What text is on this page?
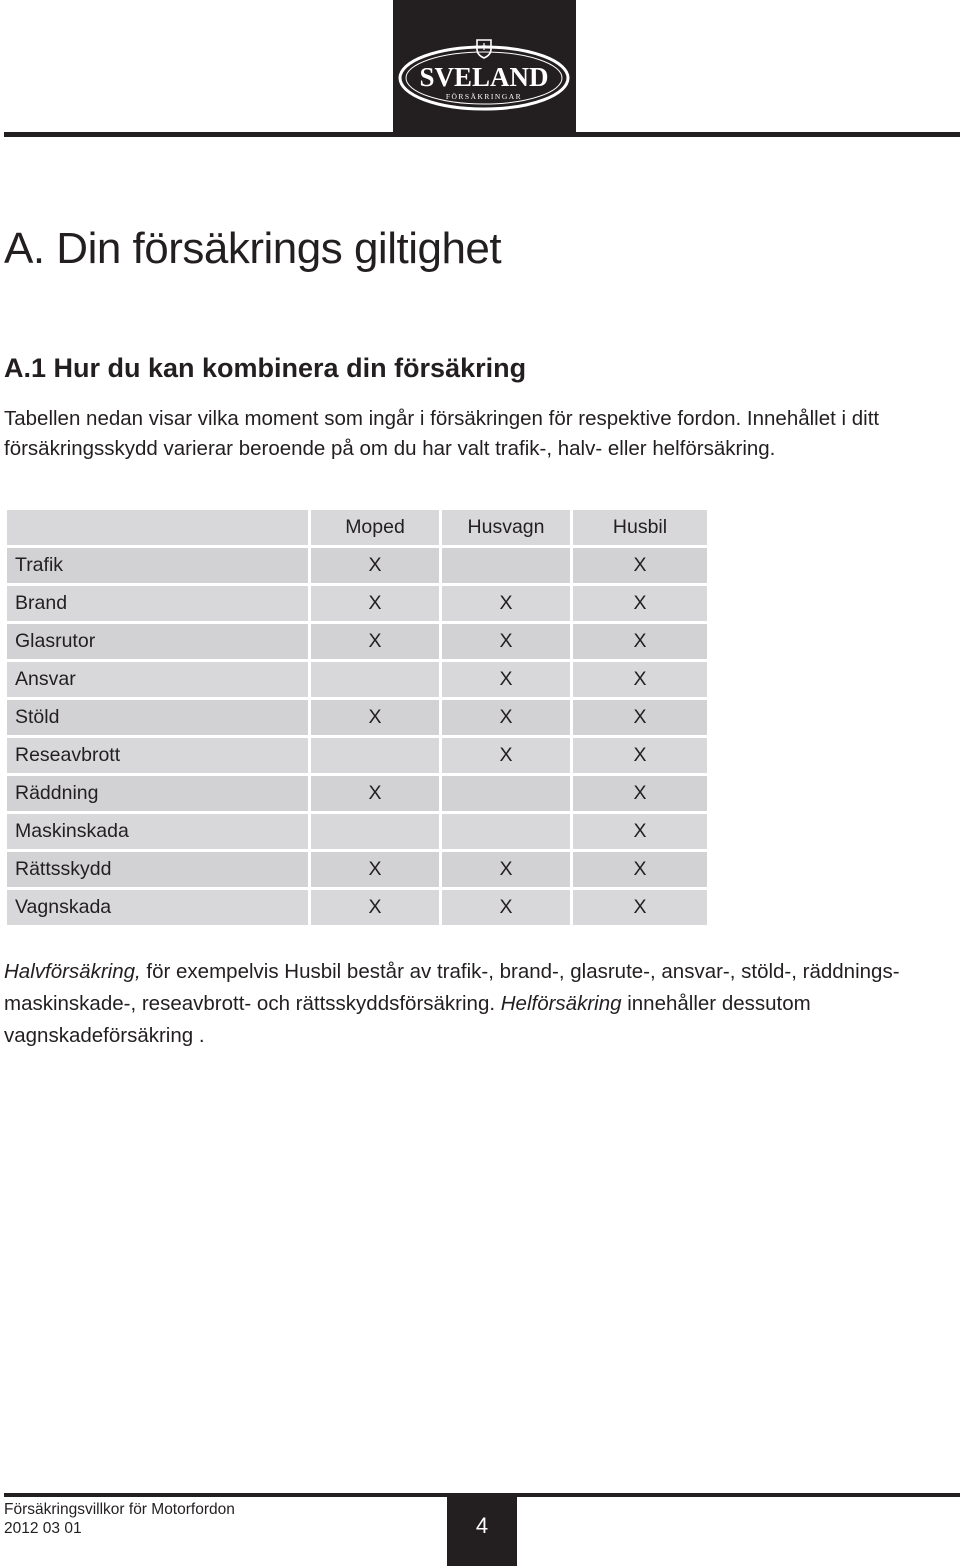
SVELAND
FÖRSÄKRINGAR
A. Din försäkrings giltighet
A.1 Hur du kan kombinera din försäkring

Tabellen nedan visar vilka moment som ingår i försäkringen för respektive fordon. Innehållet i ditt försäkringsskydd varierar beroende på om du har valt trafik-, halv- eller helförsäkring.

	Moped	Husvagn	Husbil
Trafik	X		X
Brand	X	X	X
Glasrutor	X	X	X
Ansvar		X	X
Stöld	X	X	X
Reseavbrott		X	X
Räddning	X		X
Maskinskada			X
Rättsskydd	X	X	X
Vagnskada	X	X	X

Halvförsäkring, för exempelvis Husbil består av trafik-, brand-, glasrute-, ansvar-, stöld-, räddnings- maskinskade-, reseavbrott- och rättsskyddsförsäkring. Helförsäkring innehåller dessutom vagnskadeförsäkring .

Försäkringsvillkor för Motorfordon
2012 03 01	4
